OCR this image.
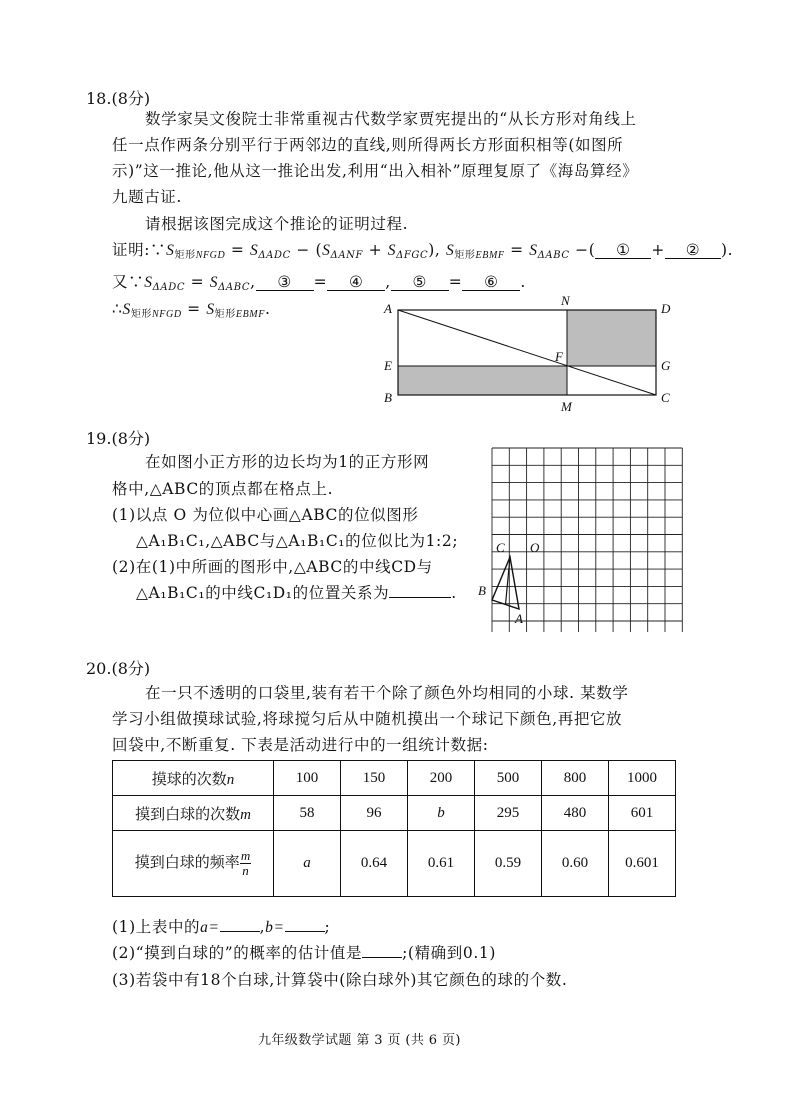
18.(8分)
数学家吴文俊院士非常重视古代数学家贾宪提出的“从长方形对角线上
任一点作两条分别平行于两邻边的直线,则所得两长方形面积相等(如图所
示)”这一推论,他从这一推论出发,利用“出入相补”原理复原了《海岛算经》
九题古证.
请根据该图完成这个推论的证明过程.
证明$:\because S_{矩形NFGD} = S_{\Delta ADC} - (S_{\Delta ANF} + S_{\Delta FGC})$, $S_{矩形EBMF} = S_{\Delta ABC}$ −( ① + ② ).
又$\because S_{\Delta ADC} = S_{\Delta ABC}$, ③ = ④ , ⑤ = ⑥ .
$\therefore S_{矩形NFGD} = S_{矩形EBMF}$.	A
N
D
E
F
G
B
M
C
19.(8分)
在如图小正方形的边长均为1的正方形网
格中,△ABC的顶点都在格点上.
(1)以点 O 为位似中心画△ABC的位似图形
△A₁B₁C₁,△ABC与△A₁B₁C₁的位似比为1:2;
(2)在(1)中所画的图形中,△ABC的中线CD与
△A₁B₁C₁的中线C₁D₁的位置关系为	.
C O
B
A
20.(8分)
在一只不透明的口袋里,装有若干个除了颜色外均相同的小球. 某数学
学习小组做摸球试验,将球搅匀后从中随机摸出一个球记下颜色,再把它放
回袋中,不断重复. 下表是活动进行中的一组统计数据:
摸球的次数n	100	150	200	500	800	1000
摸到白球的次数m	58	96	b	295	480	601
摸到白球的频率 $\frac{m}{n}$	a	0.64	0.61	0.59	0.60	0.601
(1)上表中的a=	,b=	;
(2)“摸到白球的”的概率的估计值是	;(精确到0.1)
(3)若袋中有18个白球,计算袋中(除白球外)其它颜色的球的个数.
九年级数学试题 第 3 页 (共 6 页)
